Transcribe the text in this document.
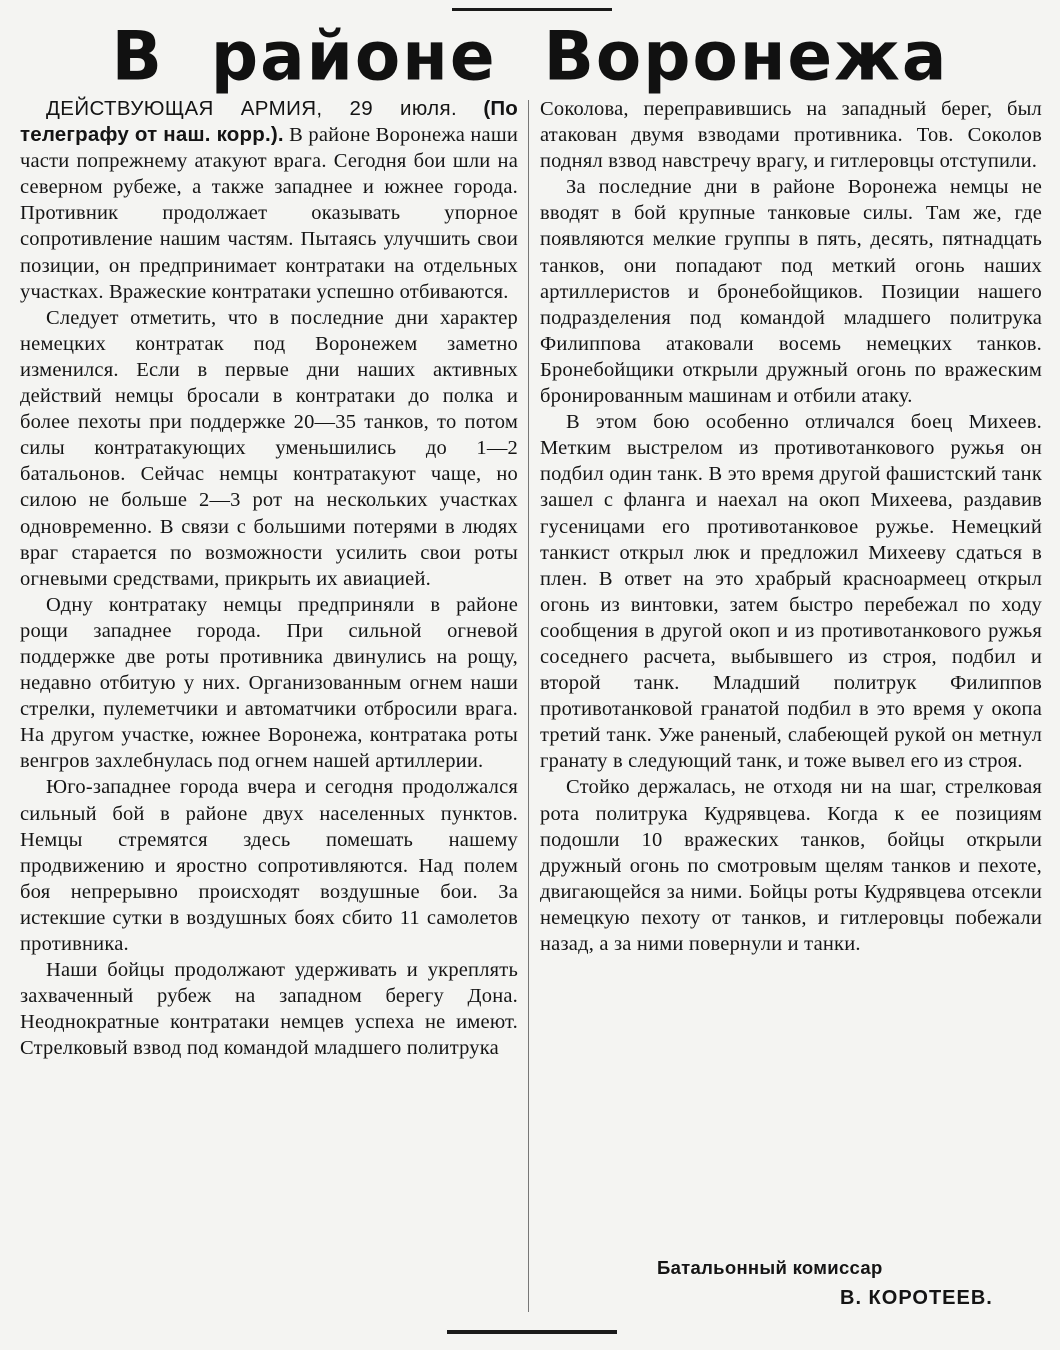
В районе Воронежа

ДЕЙСТВУЮЩАЯ АРМИЯ, 29 июля. (По телеграфу от наш. корр.). В районе Воронежа наши части попрежнему атакуют врага. Сегодня бои шли на северном рубеже, а также западнее и южнее города. Противник продолжает оказывать упорное сопротивление нашим частям. Пытаясь улучшить свои позиции, он предпринимает контратаки на отдельных участках. Вражеские контратаки успешно отбиваются.

Следует отметить, что в последние дни характер немецких контратак под Воронежем заметно изменился. Если в первые дни наших активных действий немцы бросали в контратаки до полка и более пехоты при поддержке 20—35 танков, то потом силы контратакующих уменьшились до 1—2 батальонов. Сейчас немцы контратакуют чаще, но силою не больше 2—3 рот на нескольких участках одновременно. В связи с большими потерями в людях враг старается по возможности усилить свои роты огневыми средствами, прикрыть их авиацией.

Одну контратаку немцы предприняли в районе рощи западнее города. При сильной огневой поддержке две роты противника двинулись на рощу, недавно отбитую у них. Организованным огнем наши стрелки, пулеметчики и автоматчики отбросили врага. На другом участке, южнее Воронежа, контратака роты венгров захлебнулась под огнем нашей артиллерии.

Юго-западнее города вчера и сегодня продолжался сильный бой в районе двух населенных пунктов. Немцы стремятся здесь помешать нашему продвижению и яростно сопротивляются. Над полем боя непрерывно происходят воздушные бои. За истекшие сутки в воздушных боях сбито 11 самолетов противника.

Наши бойцы продолжают удерживать и укреплять захваченный рубеж на западном берегу Дона. Неоднократные контратаки немцев успеха не имеют. Стрелковый взвод под командой младшего политрука

Соколова, переправившись на западный берег, был атакован двумя взводами противника. Тов. Соколов поднял взвод навстречу врагу, и гитлеровцы отступили.

За последние дни в районе Воронежа немцы не вводят в бой крупные танковые силы. Там же, где появляются мелкие группы в пять, десять, пятнадцать танков, они попадают под меткий огонь наших артиллеристов и бронебойщиков. Позиции нашего подразделения под командой младшего политрука Филиппова атаковали восемь немецких танков. Бронебойщики открыли дружный огонь по вражеским бронированным машинам и отбили атаку.

В этом бою особенно отличался боец Михеев. Метким выстрелом из противотанкового ружья он подбил один танк. В это время другой фашистский танк зашел с фланга и наехал на окоп Михеева, раздавив гусеницами его противотанковое ружье. Немецкий танкист открыл люк и предложил Михееву сдаться в плен. В ответ на это храбрый красноармеец открыл огонь из винтовки, затем быстро перебежал по ходу сообщения в другой окоп и из противотанкового ружья соседнего расчета, выбывшего из строя, подбил и второй танк. Младший политрук Филиппов противотанковой гранатой подбил в это время у окопа третий танк. Уже раненый, слабеющей рукой он метнул гранату в следующий танк, и тоже вывел его из строя.

Стойко держалась, не отходя ни на шаг, стрелковая рота политрука Кудрявцева. Когда к ее позициям подошли 10 вражеских танков, бойцы открыли дружный огонь по смотровым щелям танков и пехоте, двигающейся за ними. Бойцы роты Кудрявцева отсекли немецкую пехоту от танков, и гитлеровцы побежали назад, а за ними повернули и танки.

Батальонный комиссар
В. КОРОТЕЕВ.
